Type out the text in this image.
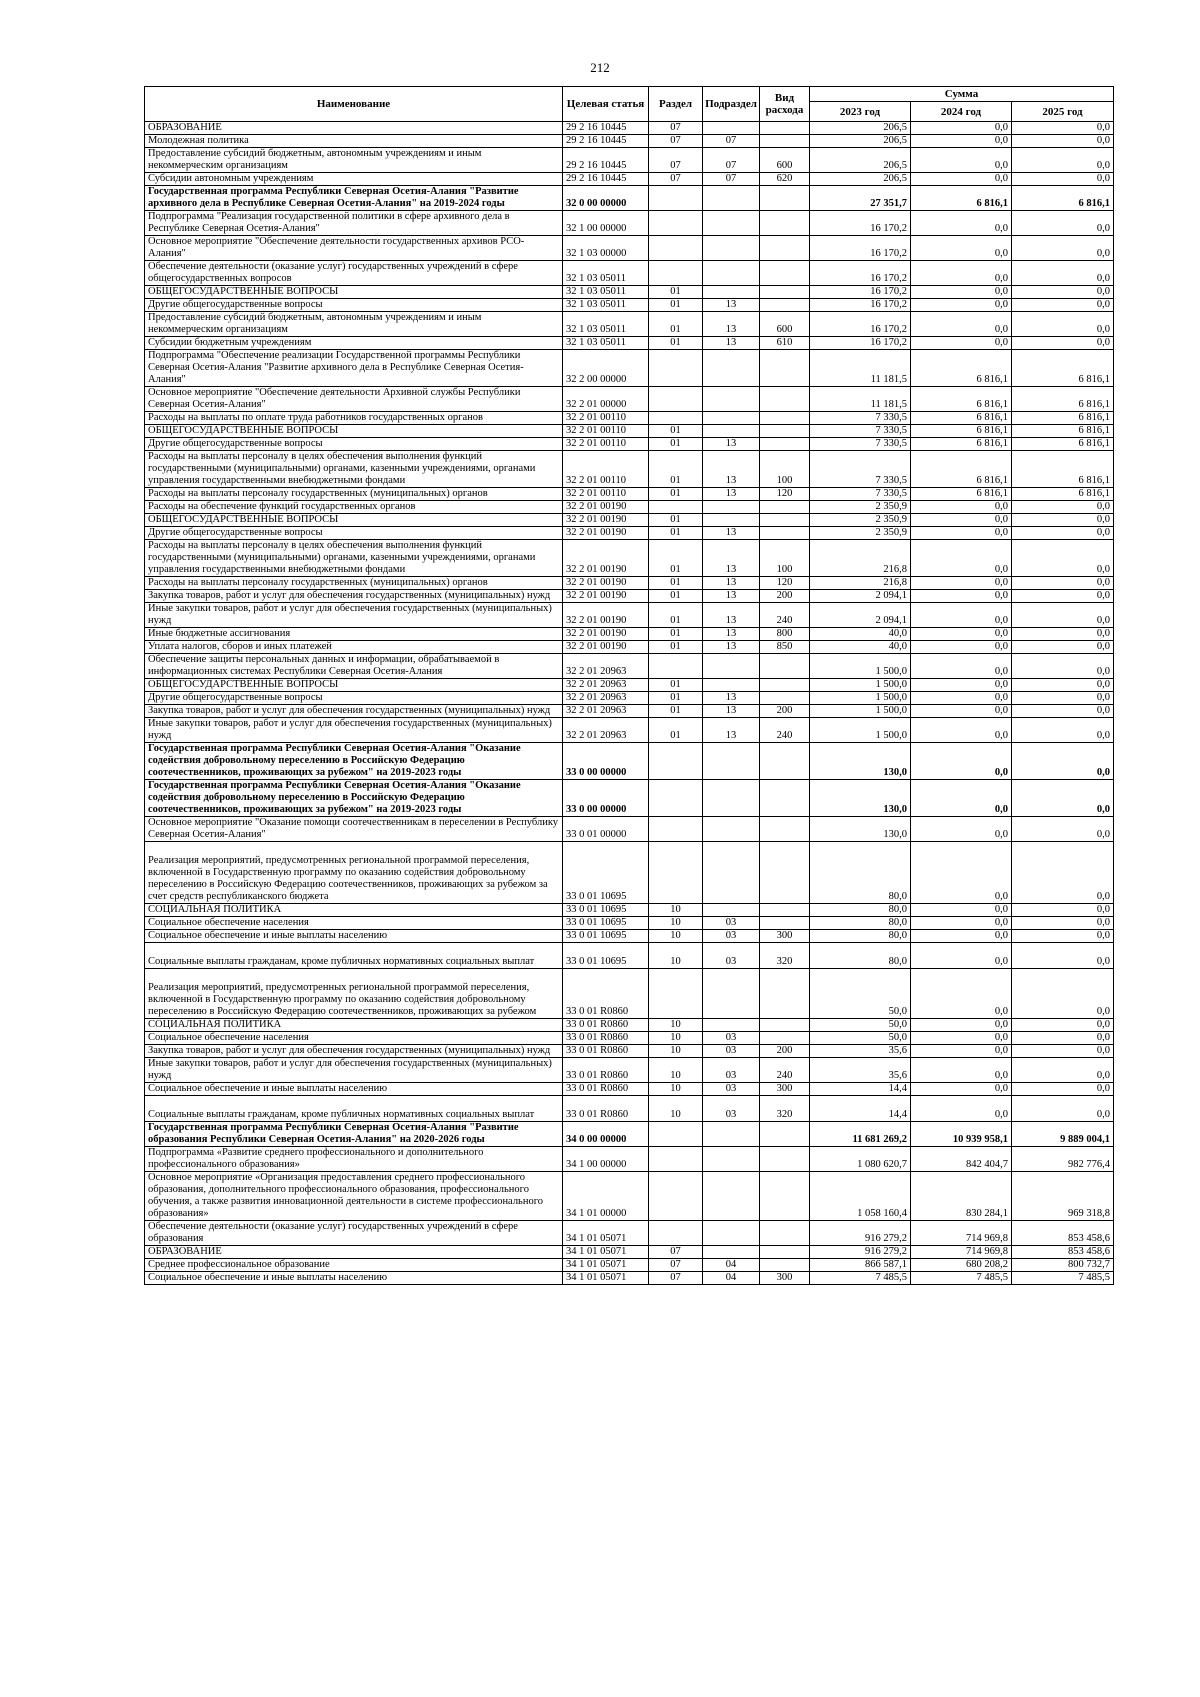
212
Наименование	Целевая статья	Раздел	Подраздел	Вид расхода	Сумма		
					2023 год	2024 год	2025 год
ОБРАЗОВАНИЕ	29 2 16 10445	07			206,5	0,0	0,0
Молодежная политика	29 2 16 10445	07	07		206,5	0,0	0,0
Предоставление субсидий бюджетным, автономным учреждениям и иным некоммерческим организациям	29 2 16 10445	07	07	600	206,5	0,0	0,0
Субсидии автономным учреждениям	29 2 16 10445	07	07	620	206,5	0,0	0,0
Государственная программа Республики Северная Осетия-Алания "Развитие архивного дела в Республике Северная Осетия-Алания" на 2019-2024 годы	32 0 00 00000				27 351,7	6 816,1	6 816,1
Подпрограмма "Реализация государственной политики в сфере архивного дела в Республике Северная Осетия-Алания"	32 1 00 00000				16 170,2	0,0	0,0
Основное мероприятие "Обеспечение деятельности государственных архивов РСО-Алания"	32 1 03 00000				16 170,2	0,0	0,0
Обеспечение деятельности (оказание услуг) государственных учреждений в сфере общегосударственных вопросов	32 1 03 05011				16 170,2	0,0	0,0
ОБЩЕГОСУДАРСТВЕННЫЕ ВОПРОСЫ	32 1 03 05011	01			16 170,2	0,0	0,0
Другие общегосударственные вопросы	32 1 03 05011	01	13		16 170,2	0,0	0,0
Предоставление субсидий бюджетным, автономным учреждениям и иным некоммерческим организациям	32 1 03 05011	01	13	600	16 170,2	0,0	0,0
Субсидии бюджетным учреждениям	32 1 03 05011	01	13	610	16 170,2	0,0	0,0
Подпрограмма "Обеспечение реализации Государственной программы Республики Северная Осетия-Алания "Развитие архивного дела в Республике Северная Осетия-Алания"	32 2 00 00000				11 181,5	6 816,1	6 816,1
Основное мероприятие "Обеспечение деятельности Архивной службы Республики Северная Осетия-Алания"	32 2 01 00000				11 181,5	6 816,1	6 816,1
Расходы на выплаты по оплате труда работников государственных органов	32 2 01 00110				7 330,5	6 816,1	6 816,1
ОБЩЕГОСУДАРСТВЕННЫЕ ВОПРОСЫ	32 2 01 00110	01			7 330,5	6 816,1	6 816,1
Другие общегосударственные вопросы	32 2 01 00110	01	13		7 330,5	6 816,1	6 816,1
Расходы на выплаты персоналу в целях обеспечения выполнения функций государственными (муниципальными) органами, казенными учреждениями, органами управления государственными внебюджетными фондами	32 2 01 00110	01	13	100	7 330,5	6 816,1	6 816,1
Расходы на выплаты персоналу государственных (муниципальных) органов	32 2 01 00110	01	13	120	7 330,5	6 816,1	6 816,1
Расходы на обеспечение функций государственных органов	32 2 01 00190				2 350,9	0,0	0,0
ОБЩЕГОСУДАРСТВЕННЫЕ ВОПРОСЫ	32 2 01 00190	01			2 350,9	0,0	0,0
Другие общегосударственные вопросы	32 2 01 00190	01	13		2 350,9	0,0	0,0
Расходы на выплаты персоналу в целях обеспечения выполнения функций государственными (муниципальными) органами, казенными учреждениями, органами управления государственными внебюджетными фондами	32 2 01 00190	01	13	100	216,8	0,0	0,0
Расходы на выплаты персоналу государственных (муниципальных) органов	32 2 01 00190	01	13	120	216,8	0,0	0,0
Закупка товаров, работ и услуг для обеспечения государственных (муниципальных) нужд	32 2 01 00190	01	13	200	2 094,1	0,0	0,0
Иные закупки товаров, работ и услуг для обеспечения государственных (муниципальных) нужд	32 2 01 00190	01	13	240	2 094,1	0,0	0,0
Иные бюджетные ассигнования	32 2 01 00190	01	13	800	40,0	0,0	0,0
Уплата налогов, сборов и иных платежей	32 2 01 00190	01	13	850	40,0	0,0	0,0
Обеспечение защиты персональных данных и информации, обрабатываемой в информационных системах Республики Северная Осетия-Алания	32 2 01 20963				1 500,0	0,0	0,0
ОБЩЕГОСУДАРСТВЕННЫЕ ВОПРОСЫ	32 2 01 20963	01			1 500,0	0,0	0,0
Другие общегосударственные вопросы	32 2 01 20963	01	13		1 500,0	0,0	0,0
Закупка товаров, работ и услуг для обеспечения государственных (муниципальных) нужд	32 2 01 20963	01	13	200	1 500,0	0,0	0,0
Иные закупки товаров, работ и услуг для обеспечения государственных (муниципальных) нужд	32 2 01 20963	01	13	240	1 500,0	0,0	0,0
Государственная программа Республики Северная Осетия-Алания "Оказание содействия добровольному переселению в Российскую Федерацию соотечественников, проживающих за рубежом" на 2019-2023 годы	33 0 00 00000				130,0	0,0	0,0
Государственная программа Республики Северная Осетия-Алания "Оказание содействия добровольному переселению в Российскую Федерацию соотечественников, проживающих за рубежом" на 2019-2023 годы	33 0 00 00000				130,0	0,0	0,0
Основное мероприятие "Оказание помощи соотечественникам в переселении в Республику Северная Осетия-Алания"	33 0 01 00000				130,0	0,0	0,0
Реализация мероприятий, предусмотренных региональной программой переселения, включенной в Государственную программу по оказанию содействия добровольному переселению в Российскую Федерацию соотечественников, проживающих за рубежом за счет средств республиканского бюджета	33 0 01 10695				80,0	0,0	0,0
СОЦИАЛЬНАЯ ПОЛИТИКА	33 0 01 10695	10			80,0	0,0	0,0
Социальное обеспечение населения	33 0 01 10695	10	03		80,0	0,0	0,0
Социальное обеспечение и иные выплаты населению	33 0 01 10695	10	03	300	80,0	0,0	0,0
Социальные выплаты гражданам, кроме публичных нормативных социальных выплат	33 0 01 10695	10	03	320	80,0	0,0	0,0
Реализация мероприятий, предусмотренных региональной программой переселения, включенной в Государственную программу по оказанию содействия добровольному переселению в Российскую Федерацию соотечественников, проживающих за рубежом	33 0 01 R0860				50,0	0,0	0,0
СОЦИАЛЬНАЯ ПОЛИТИКА	33 0 01 R0860	10			50,0	0,0	0,0
Социальное обеспечение населения	33 0 01 R0860	10	03		50,0	0,0	0,0
Закупка товаров, работ и услуг для обеспечения государственных (муниципальных) нужд	33 0 01 R0860	10	03	200	35,6	0,0	0,0
Иные закупки товаров, работ и услуг для обеспечения государственных (муниципальных) нужд	33 0 01 R0860	10	03	240	35,6	0,0	0,0
Социальное обеспечение и иные выплаты населению	33 0 01 R0860	10	03	300	14,4	0,0	0,0
Социальные выплаты гражданам, кроме публичных нормативных социальных выплат	33 0 01 R0860	10	03	320	14,4	0,0	0,0
Государственная программа Республики Северная Осетия-Алания "Развитие образования Республики Северная Осетия-Алания" на 2020-2026 годы	34 0 00 00000				11 681 269,2	10 939 958,1	9 889 004,1
Подпрограмма «Развитие среднего профессионального и дополнительного профессионального образования»	34 1 00 00000				1 080 620,7	842 404,7	982 776,4
Основное мероприятие «Организация предоставления среднего профессионального образования, дополнительного профессионального образования, профессионального обучения, а также развития инновационной деятельности в системе профессионального образования»	34 1 01 00000				1 058 160,4	830 284,1	969 318,8
Обеспечение деятельности (оказание услуг) государственных учреждений в сфере образования	34 1 01 05071				916 279,2	714 969,8	853 458,6
ОБРАЗОВАНИЕ	34 1 01 05071	07			916 279,2	714 969,8	853 458,6
Среднее профессиональное образование	34 1 01 05071	07	04		866 587,1	680 208,2	800 732,7
Социальное обеспечение и иные выплаты населению	34 1 01 05071	07	04	300	7 485,5	7 485,5	7 485,5
